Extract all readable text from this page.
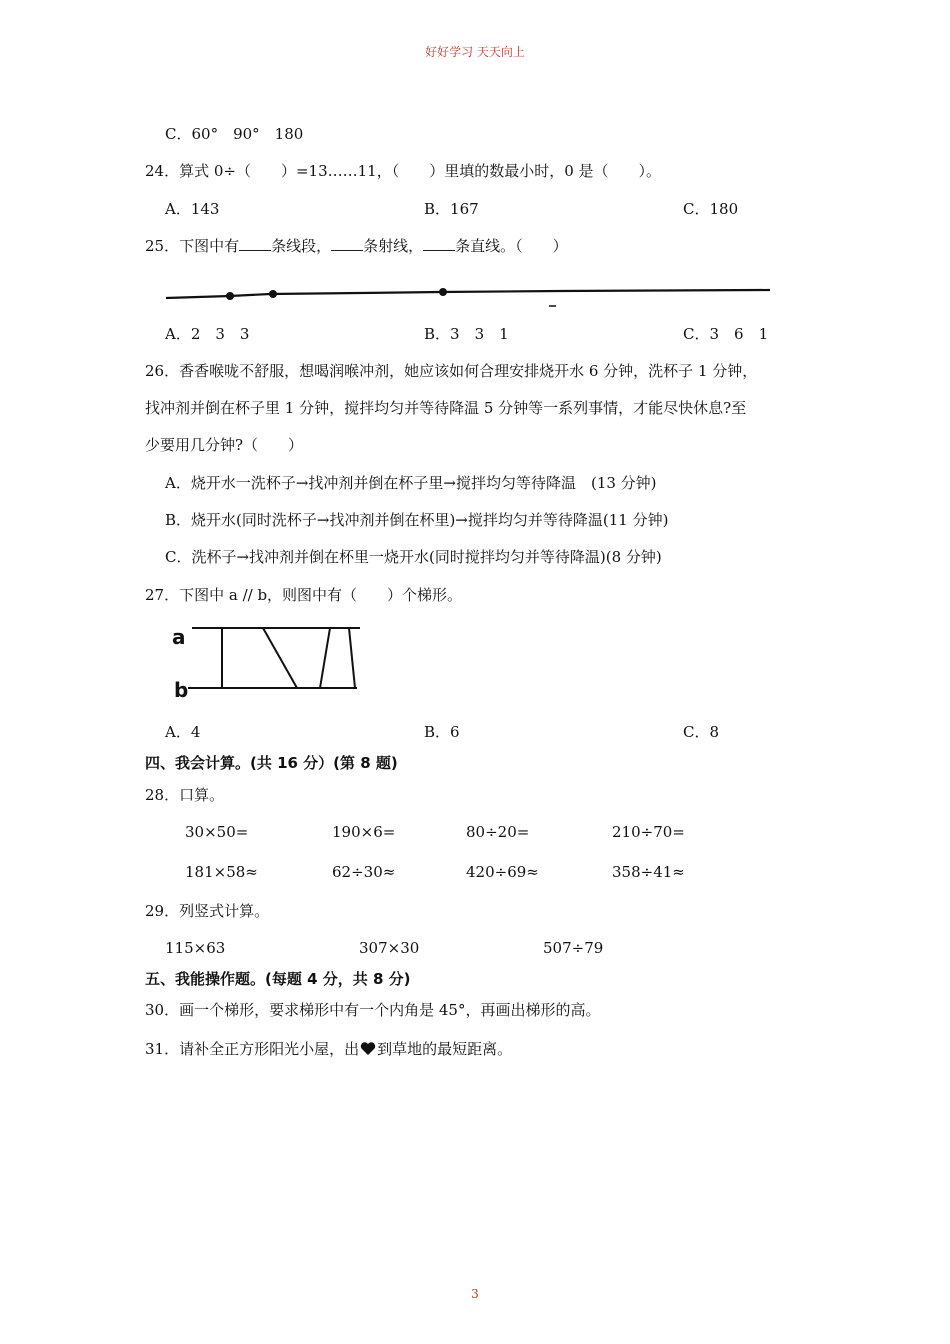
好好学习 天天向上
C．60°　90°　180
24．算式 0÷（　　）=13……11，（　　）里填的数最小时，0 是（　　）。
A．143	B．167	C．180
25．下图中有 条线段， 条射线， 条直线。（　　）
A．2　3　3	B．3　3　1	C．3　6　1
26．香香喉咙不舒服，想喝润喉冲剂，她应该如何合理安排烧开水 6 分钟，洗杯子 1 分钟，
找冲剂并倒在杯子里 1 分钟，搅拌均匀并等待降温 5 分钟等一系列事情，才能尽快休息?至
少要用几分钟?（　　）
A．烧开水一洗杯子→找冲剂并倒在杯子里→搅拌均匀等待降温　(13 分钟)
B．烧开水(同时洗杯子→找冲剂并倒在杯里)→搅拌均匀并等待降温(11 分钟)
C．洗杯子→找冲剂并倒在杯里一烧开水(同时搅拌均匀并等待降温)(8 分钟)
27．下图中 a // b，则图中有（　　）个梯形。
a
b
A．4	B．6	C．8
四、我会计算。(共 16 分）(第 8 题)
28．口算。
30×50=	190×6=	80÷20=	210÷70=
181×58≈	62÷30≈	420÷69≈	358÷41≈
29．列竖式计算。
115×63	307×30	507÷79
五、我能操作题。(每题 4 分，共 8 分)
30．画一个梯形，要求梯形中有一个内角是 45°，再画出梯形的高。
31．请补全正方形阳光小屋，出 到草地的最短距离。
3
